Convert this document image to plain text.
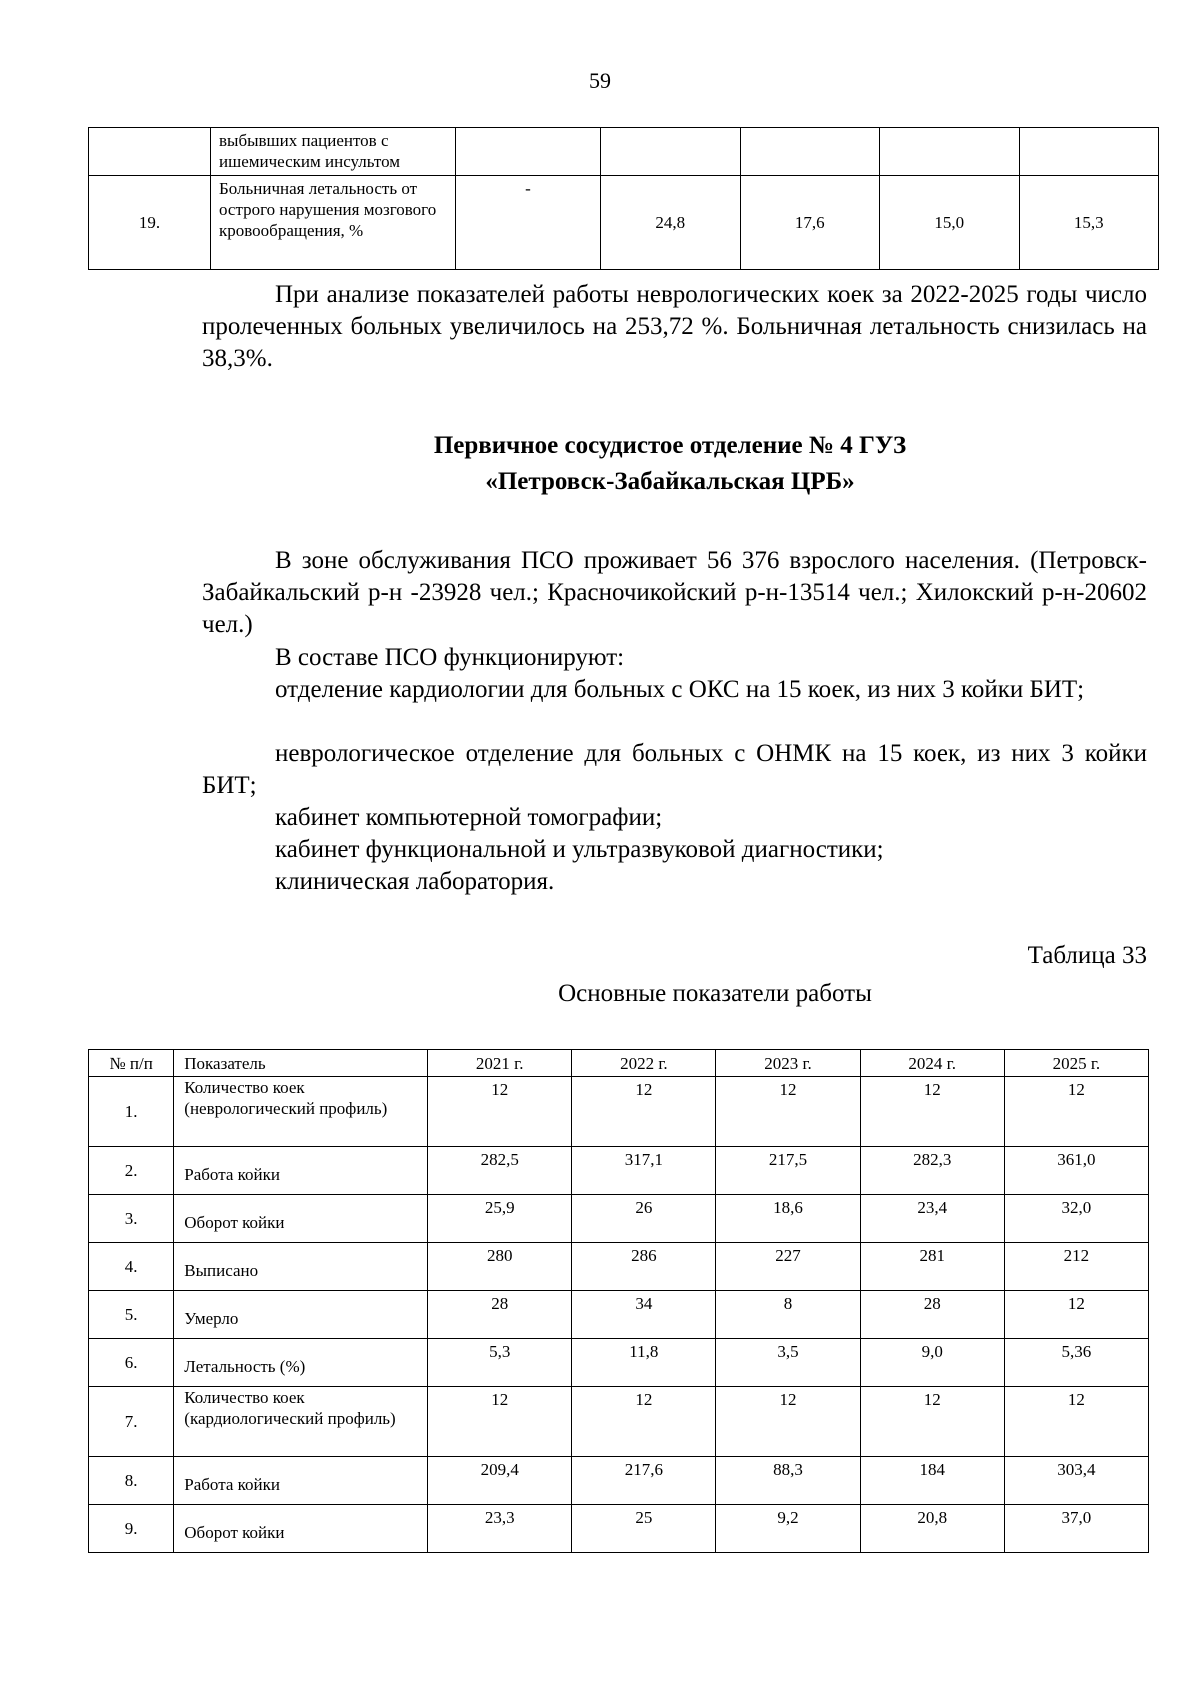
59
	выбывших пациентов с ишемическим инсультом					
19.	Больничная летальность от острого нарушения мозгового кровообращения, %	-	24,8	17,6	15,0	15,3

При анализе показателей работы неврологических коек за 2022-2025 годы число пролеченных больных увеличилось на 253,72 %. Больничная летальность снизилась на 38,3%.

Первичное сосудистое отделение № 4 ГУЗ
«Петровск-Забайкальская ЦРБ»

В зоне обслуживания ПСО проживает 56 376 взрослого населения. (Петровск-Забайкальский р-н -23928 чел.; Красночикойский р-н-13514 чел.; Хилокский р-н-20602 чел.)

В составе ПСО функционируют:

отделение кардиологии для больных с ОКС на 15 коек, из них 3 койки БИТ;

неврологическое отделение для больных с ОНМК на 15 коек, из них 3 койки БИТ;

кабинет компьютерной томографии;

кабинет функциональной и ультразвуковой диагностики;

клиническая лаборатория.

Таблица 33
Основные показатели работы
№ п/п	Показатель	2021 г.	2022 г.	2023 г.	2024 г.	2025 г.
1.	Количество коек (неврологический профиль)	12	12	12	12	12
2.	Работа койки	282,5	317,1	217,5	282,3	361,0
3.	Оборот койки	25,9	26	18,6	23,4	32,0
4.	Выписано	280	286	227	281	212
5.	Умерло	28	34	8	28	12
6.	Летальность (%)	5,3	11,8	3,5	9,0	5,36
7.	Количество коек (кардиологический профиль)	12	12	12	12	12
8.	Работа койки	209,4	217,6	88,3	184	303,4
9.	Оборот койки	23,3	25	9,2	20,8	37,0
